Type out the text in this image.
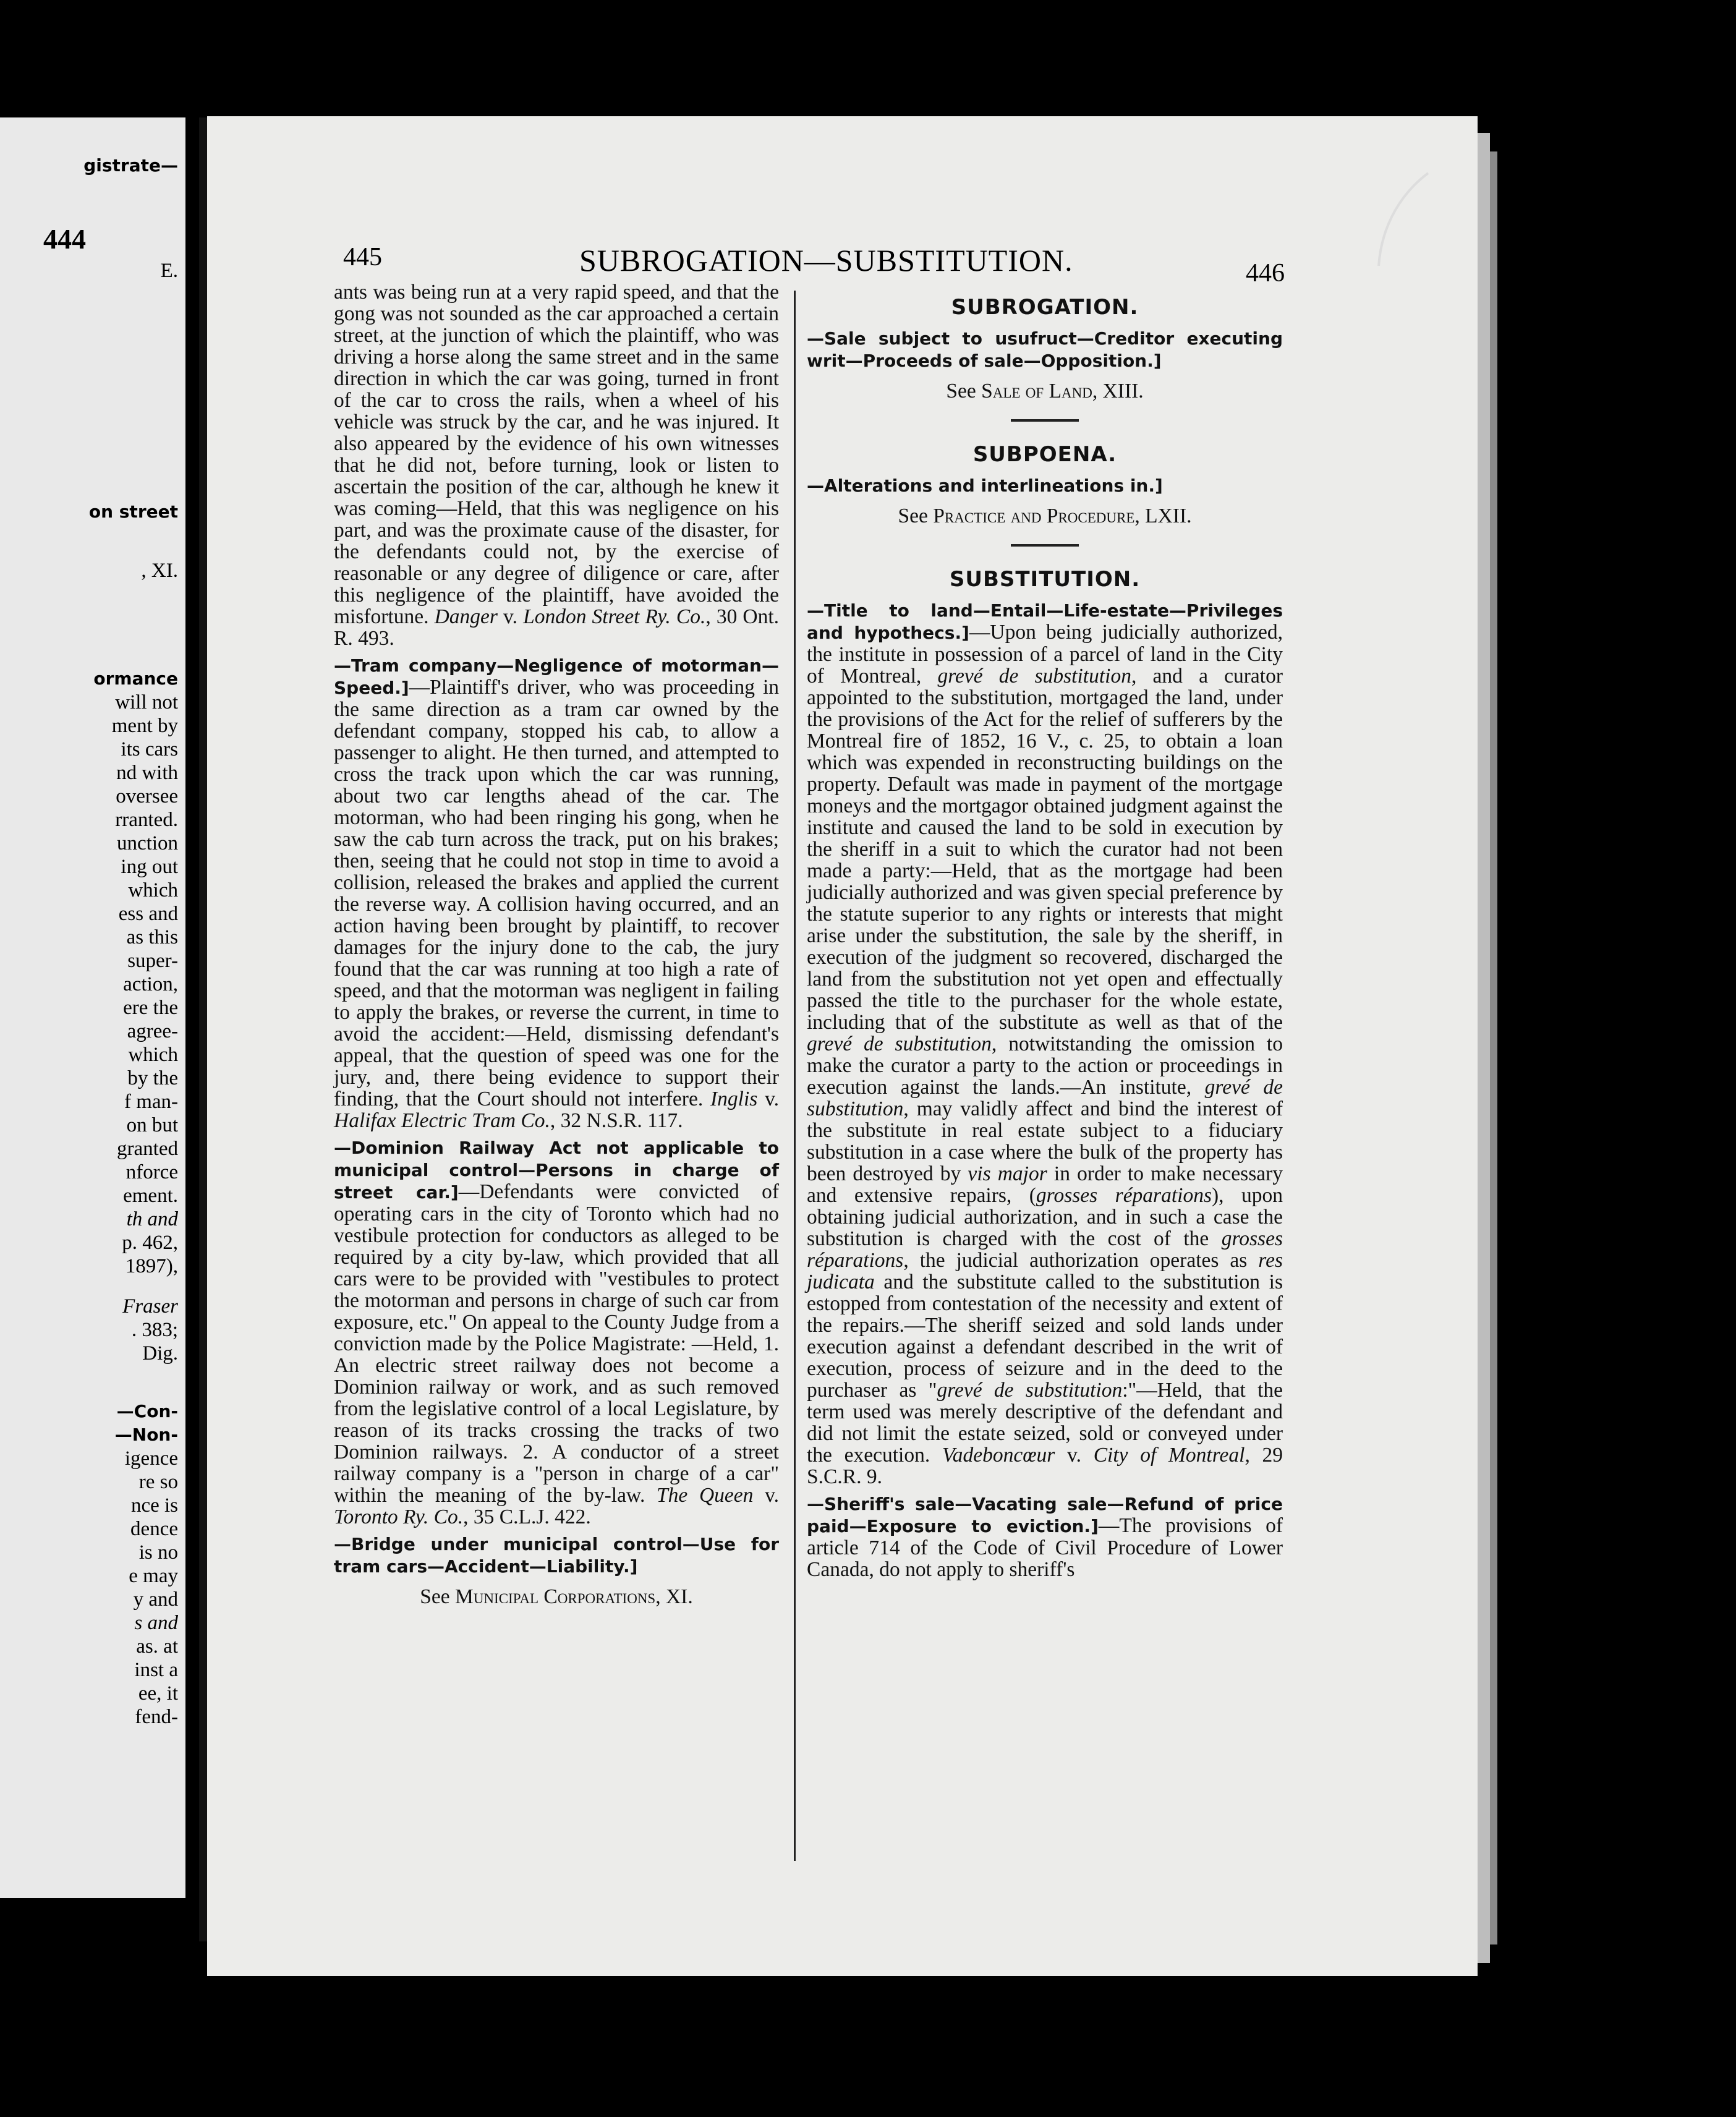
444
gistrate—
E.
on street
, XI.
ormance
will not
ment by
its cars
nd with
oversee
rranted.
unction
ing out
which
ess and
as this
super-
action,
ere the
agree-
which
by the
f man-
on but
granted
nforce
ement.
th and
p. 462,
1897),
Fraser
. 383;
Dig.
—Con-
—Non-
igence
re so
nce is
dence
is no
e may
y and
s and
as. at
inst a
ee, it
fend-
445	SUBROGATION—SUBSTITUTION.	446

ants was being run at a very rapid speed, and that the gong was not sounded as the car approached a certain street, at the junction of which the plaintiff, who was driving a horse along the same street and in the same direction in which the car was going, turned in front of the car to cross the rails, when a wheel of his vehicle was struck by the car, and he was injured. It also appeared by the evidence of his own witnesses that he did not, before turning, look or listen to ascertain the position of the car, although he knew it was coming—Held, that this was negligence on his part, and was the proximate cause of the disaster, for the defendants could not, by the exercise of reasonable or any degree of diligence or care, after this negligence of the plaintiff, have avoided the misfortune. Danger v. London Street Ry. Co., 30 Ont. R. 493.

—Tram company—Negligence of motorman—Speed.]—Plaintiff's driver, who was proceeding in the same direction as a tram car owned by the defendant company, stopped his cab, to allow a passenger to alight. He then turned, and attempted to cross the track upon which the car was running, about two car lengths ahead of the car. The motorman, who had been ringing his gong, when he saw the cab turn across the track, put on his brakes; then, seeing that he could not stop in time to avoid a collision, released the brakes and applied the current the reverse way. A collision having occurred, and an action having been brought by plaintiff, to recover damages for the injury done to the cab, the jury found that the car was running at too high a rate of speed, and that the motorman was negligent in failing to apply the brakes, or reverse the current, in time to avoid the accident:—Held, dismissing defendant's appeal, that the question of speed was one for the jury, and, there being evidence to support their finding, that the Court should not interfere. Inglis v. Halifax Electric Tram Co., 32 N.S.R. 117.

—Dominion Railway Act not applicable to municipal control—Persons in charge of street car.]—Defendants were convicted of operating cars in the city of Toronto which had no vestibule protection for conductors as alleged to be required by a city by-law, which provided that all cars were to be provided with "vestibules to protect the motorman and persons in charge of such car from exposure, etc." On appeal to the County Judge from a conviction made by the Police Magistrate: —Held, 1. An electric street railway does not become a Dominion railway or work, and as such removed from the legislative control of a local Legislature, by reason of its tracks crossing the tracks of two Dominion railways. 2. A conductor of a street railway company is a "person in charge of a car" within the meaning of the by-law. The Queen v. Toronto Ry. Co., 35 C.L.J. 422.

—Bridge under municipal control—Use for tram cars—Accident—Liability.]

See Municipal Corporations, XI.

SUBROGATION.

—Sale subject to usufruct—Creditor executing writ—Proceeds of sale—Opposition.]

See Sale of Land, XIII.

SUBPOENA.

—Alterations and interlineations in.]

See Practice and Procedure, LXII.

SUBSTITUTION.

—Title to land—Entail—Life-estate—Privileges and hypothecs.]—Upon being judicially authorized, the institute in possession of a parcel of land in the City of Montreal, grevé de substitution, and a curator appointed to the substitution, mortgaged the land, under the provisions of the Act for the relief of sufferers by the Montreal fire of 1852, 16 V., c. 25, to obtain a loan which was expended in reconstructing buildings on the property. Default was made in payment of the mortgage moneys and the mortgagor obtained judgment against the institute and caused the land to be sold in execution by the sheriff in a suit to which the curator had not been made a party:—Held, that as the mortgage had been judicially authorized and was given special preference by the statute superior to any rights or interests that might arise under the substitution, the sale by the sheriff, in execution of the judgment so recovered, discharged the land from the substitution not yet open and effectually passed the title to the purchaser for the whole estate, including that of the substitute as well as that of the grevé de substitution, notwitstanding the omission to make the curator a party to the action or proceedings in execution against the lands.—An institute, grevé de substitution, may validly affect and bind the interest of the substitute in real estate subject to a fiduciary substitution in a case where the bulk of the property has been destroyed by vis major in order to make necessary and extensive repairs, (grosses réparations), upon obtaining judicial authorization, and in such a case the substitution is charged with the cost of the grosses réparations, the judicial authorization operates as res judicata and the substitute called to the substitution is estopped from contestation of the necessity and extent of the repairs.—The sheriff seized and sold lands under execution against a defendant described in the writ of execution, process of seizure and in the deed to the purchaser as "grevé de substitution:"—Held, that the term used was merely descriptive of the defendant and did not limit the estate seized, sold or conveyed under the execution. Vadeboncœur v. City of Montreal, 29 S.C.R. 9.

—Sheriff's sale—Vacating sale—Refund of price paid—Exposure to eviction.]—The provisions of article 714 of the Code of Civil Procedure of Lower Canada, do not apply to sheriff's
